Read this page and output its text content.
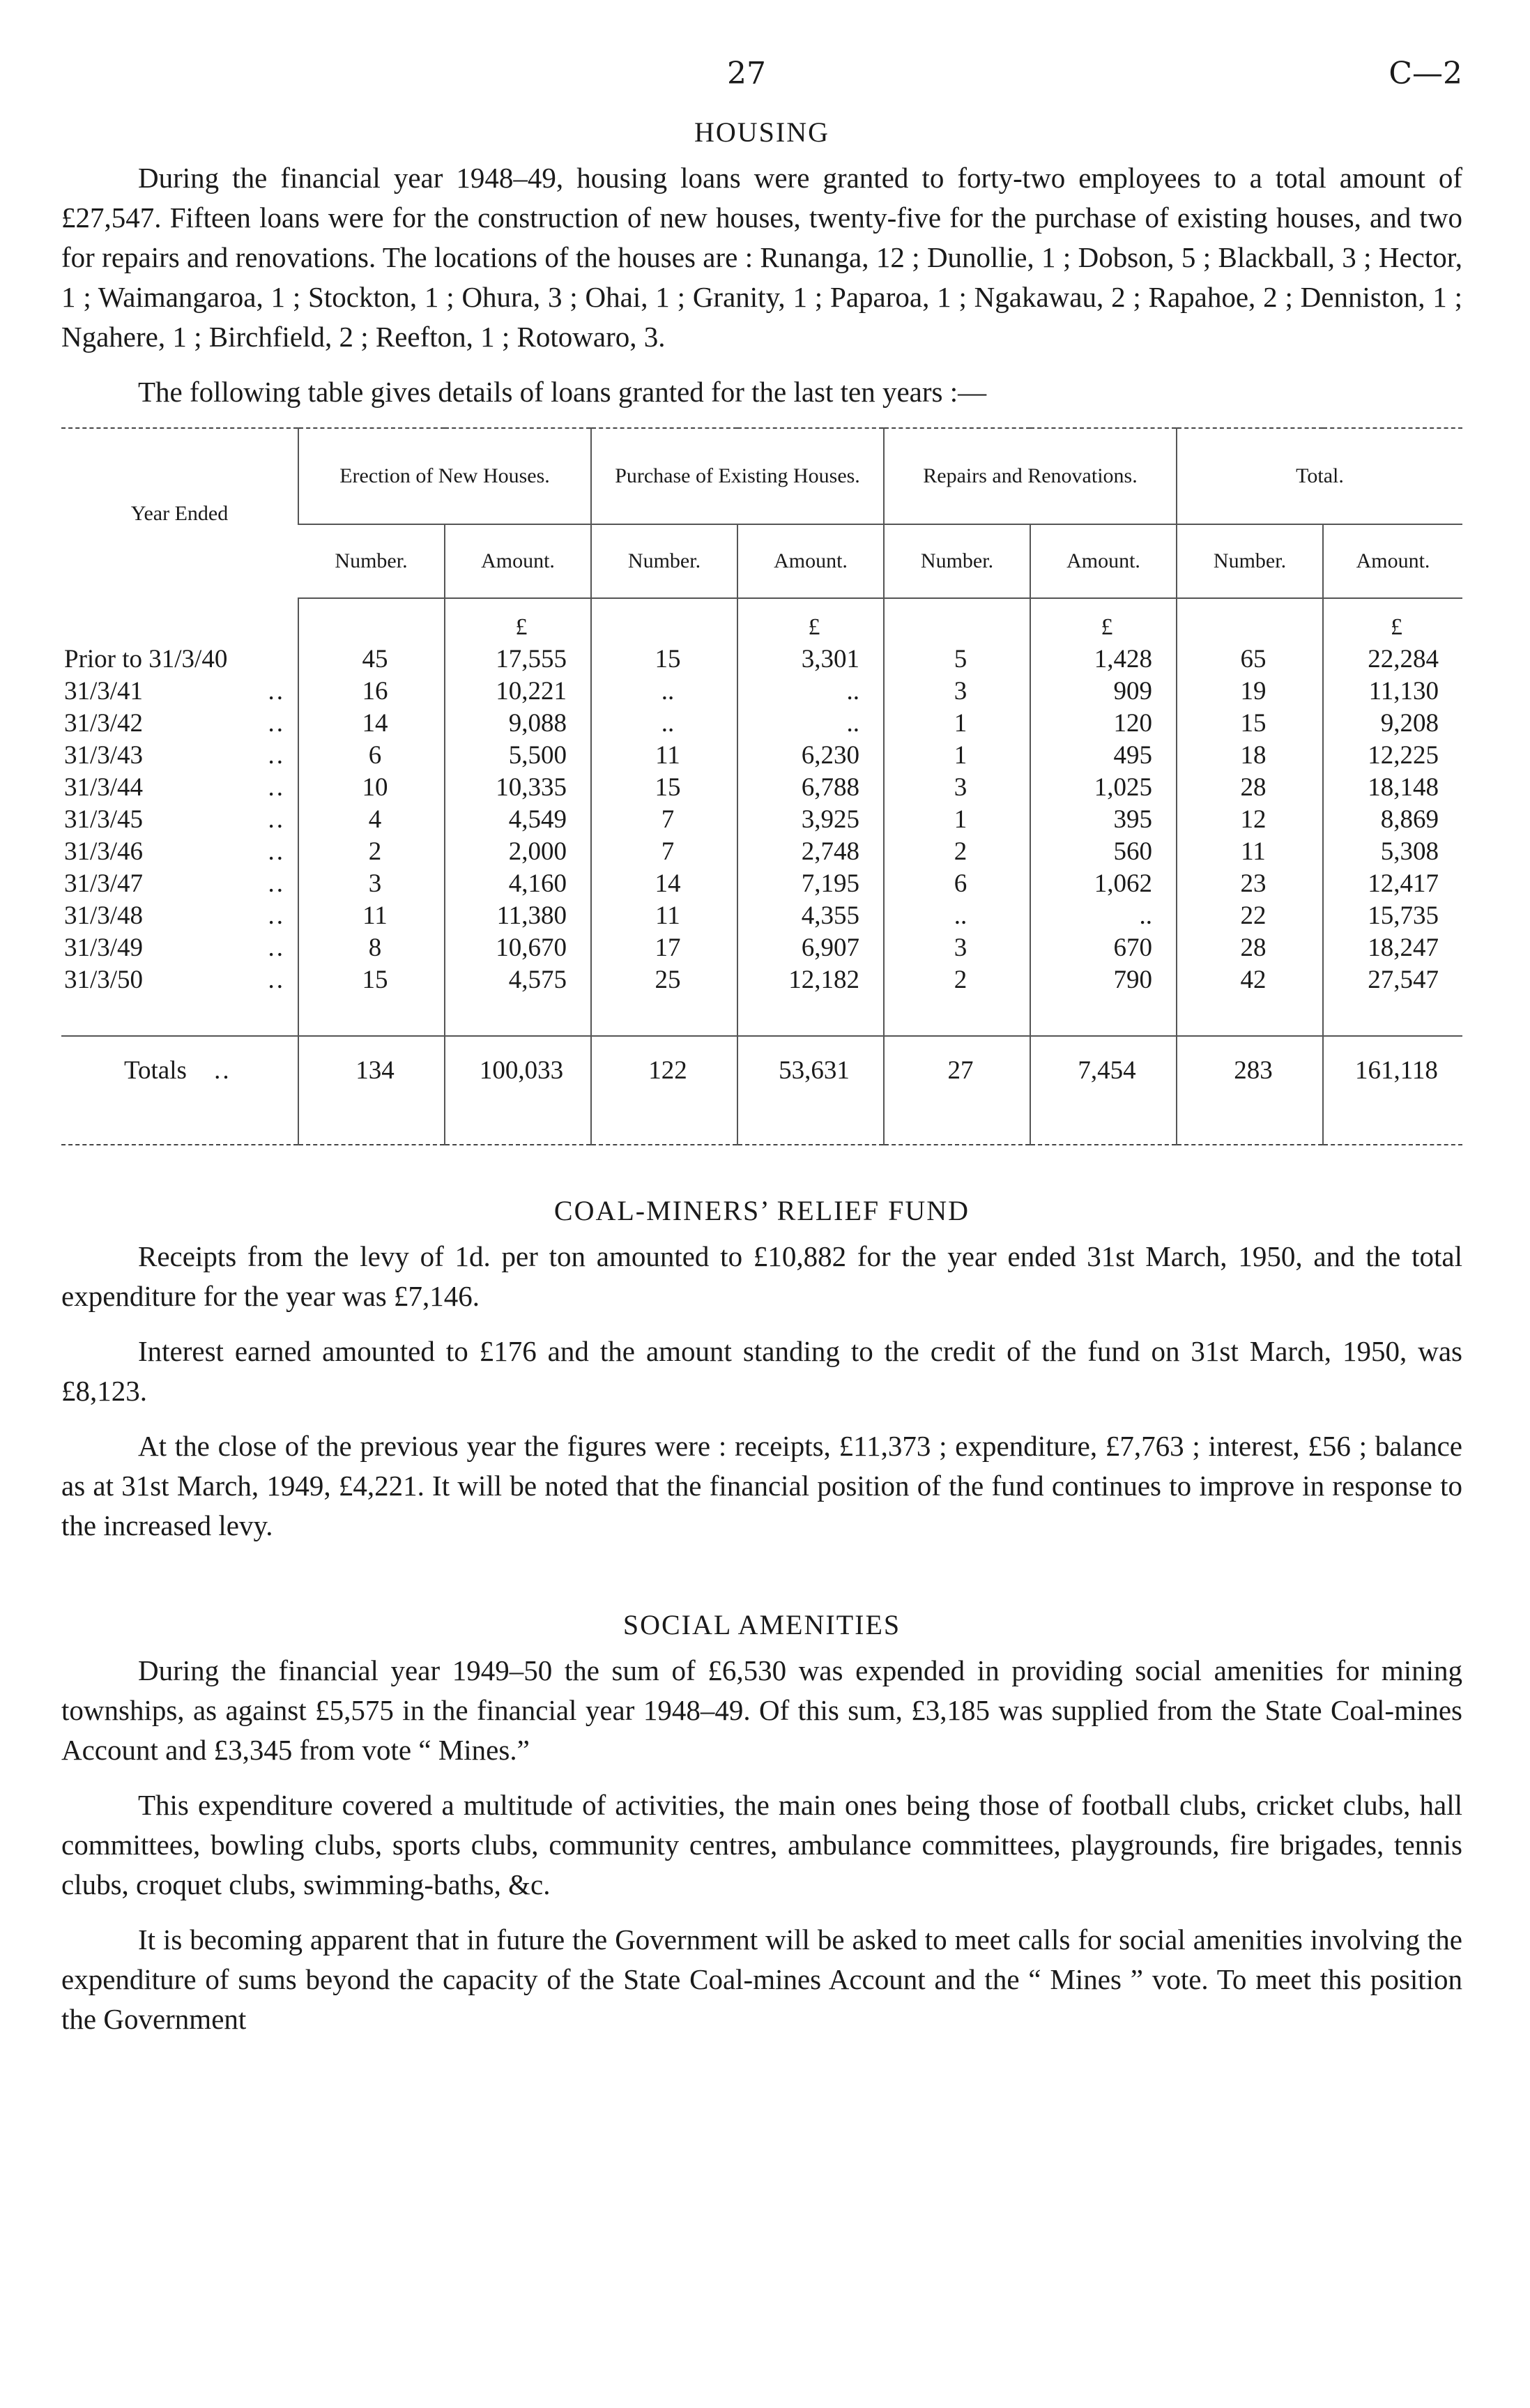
27	C—2
HOUSING

During the financial year 1948–49, housing loans were granted to forty-two employees to a total amount of £27,547. Fifteen loans were for the construction of new houses, twenty-five for the purchase of existing houses, and two for repairs and renovations. The locations of the houses are : Runanga, 12 ; Dunollie, 1 ; Dobson, 5 ; Blackball, 3 ; Hector, 1 ; Waimangaroa, 1 ; Stockton, 1 ; Ohura, 3 ; Ohai, 1 ; Granity, 1 ; Paparoa, 1 ; Ngakawau, 2 ; Rapahoe, 2 ; Denniston, 1 ; Ngahere, 1 ; Birchfield, 2 ; Reefton, 1 ; Rotowaro, 3.

The following table gives details of loans granted for the last ten years :—

Year Ended	Erection of New Houses.		Purchase of Existing Houses.		Repairs and Renovations.		Total.	
	Number.	Amount.	Number.	Amount.	Number.	Amount.	Number.	Amount.
		£		£		£		£
Prior to 31/3/40	45	17,555	15	3,301	5	1,428	65	22,284
31/3/41 ..	16	10,221	..	..	3	909	19	11,130
31/3/42 ..	14	9,088	..	..	1	120	15	9,208
31/3/43 ..	6	5,500	11	6,230	1	495	18	12,225
31/3/44 ..	10	10,335	15	6,788	3	1,025	28	18,148
31/3/45 ..	4	4,549	7	3,925	1	395	12	8,869
31/3/46 ..	2	2,000	7	2,748	2	560	11	5,308
31/3/47 ..	3	4,160	14	7,195	6	1,062	23	12,417
31/3/48 ..	11	11,380	11	4,355	..	..	22	15,735
31/3/49 ..	8	10,670	17	6,907	3	670	28	18,247
31/3/50 ..	15	4,575	25	12,182	2	790	42	27,547

Totals ..	134	100,033	122	53,631	27	7,454	283	161,118

COAL-MINERS’ RELIEF FUND

Receipts from the levy of 1d. per ton amounted to £10,882 for the year ended 31st March, 1950, and the total expenditure for the year was £7,146.

Interest earned amounted to £176 and the amount standing to the credit of the fund on 31st March, 1950, was £8,123.

At the close of the previous year the figures were : receipts, £11,373 ; expenditure, £7,763 ; interest, £56 ; balance as at 31st March, 1949, £4,221. It will be noted that the financial position of the fund continues to improve in response to the increased levy.

SOCIAL AMENITIES

During the financial year 1949–50 the sum of £6,530 was expended in providing social amenities for mining townships, as against £5,575 in the financial year 1948–49. Of this sum, £3,185 was supplied from the State Coal-mines Account and £3,345 from vote “ Mines.”

This expenditure covered a multitude of activities, the main ones being those of football clubs, cricket clubs, hall committees, bowling clubs, sports clubs, community centres, ambulance committees, playgrounds, fire brigades, tennis clubs, croquet clubs, swimming-baths, &c.

It is becoming apparent that in future the Government will be asked to meet calls for social amenities involving the expenditure of sums beyond the capacity of the State Coal-mines Account and the “ Mines ” vote. To meet this position the Government
